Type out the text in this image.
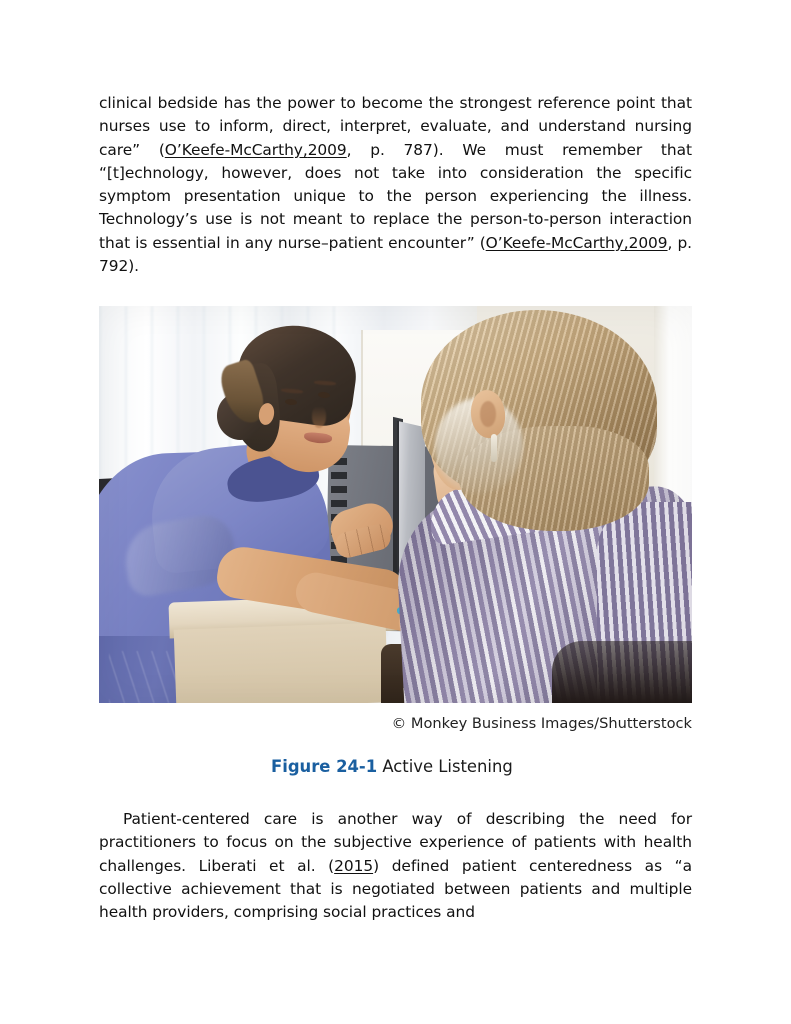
clinical bedside has the power to become the strongest reference point that nurses use to inform, direct, interpret, evaluate, and understand nursing care” (O’Keefe-McCarthy,2009, p. 787). We must remember that “[t]echnology, however, does not take into consideration the specific symptom presentation unique to the person experiencing the illness. Technology’s use is not meant to replace the person-to-person interaction that is essential in any nurse–patient encounter” (O’Keefe-McCarthy,2009, p. 792).

© Monkey Business Images/Shutterstock
Figure 24-1 Active Listening

Patient-centered care is another way of describing the need for practitioners to focus on the subjective experience of patients with health challenges. Liberati et al. (2015) defined patient centeredness as “a collective achievement that is negotiated between patients and multiple health providers, comprising social practices and
